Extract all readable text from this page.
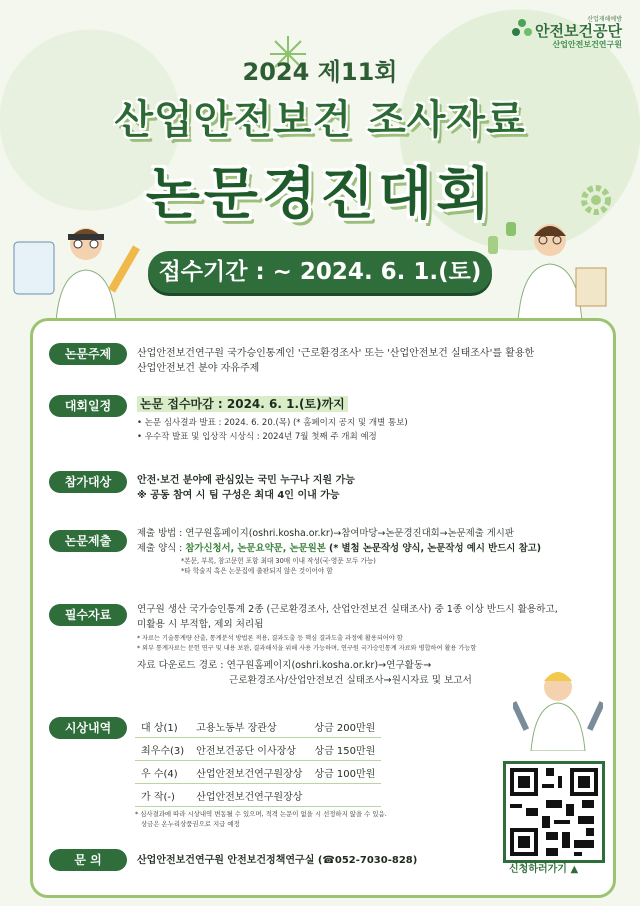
산업재해예방
안전보건공단
산업안전보건연구원
2024 제11회
산업안전보건 조사자료
논문경진대회
접수기간 : ~ 2024. 6. 1.(토)
논문주제	산업안전보건연구원 국가승인통계인 '근로환경조사' 또는 '산업안전보건 실태조사'를 활용한
산업안전보건 분야 자유주제
대회일정	논문 접수마감 : 2024. 6. 1.(토)까지
• 논문 심사결과 발표 : 2024. 6. 20.(목) (* 홈페이지 공지 및 개별 통보)
• 우수작 발표 및 입상작 시상식 : 2024년 7월 첫째 주 개최 예정
참가대상	안전·보건 분야에 관심있는 국민 누구나 지원 가능
※ 공동 참여 시 팀 구성은 최대 4인 이내 가능
논문제출
제출 방법 : 연구원홈페이지(oshri.kosha.or.kr)→참여마당→논문경진대회→논문제출 게시판
제출 양식 : 참가신청서, 논문요약문, 논문원본 (* 별첨 논문작성 양식, 논문작성 예시 반드시 참고)
*본문, 부록, 참고문헌 포함 최대 30매 이내 작성(국·영문 모두 가능)
*타 학술지 혹은 논문집에 출판되지 않은 것이어야 함
필수자료	연구원 생산 국가승인통계 2종 (근로환경조사, 산업안전보건 실태조사) 중 1종 이상 반드시 활용하고,
미활용 시 부적합, 제외 처리됨
* 자료는 기술통계량 산출, 통계분석 방법론 적용, 결과도출 등 핵심 결과도출 과정에 활용되어야 함
* 외부 통계자료는 문헌 연구 및 내용 보완, 결과해석을 위해 사용 가능하며, 연구원 국가승인통계 자료와 병합하여 활용 가능함
자료 다운로드 경로 : 연구원홈페이지(oshri.kosha.or.kr)→연구활동→
근로환경조사/산업안전보건 실태조사→원시자료 및 보고서
시상내역	대 상(1)	고용노동부 장관상	상금 200만원
최우수(3)	안전보건공단 이사장상	상금 150만원
우 수(4)	산업안전보건연구원장상	상금 100만원
가 작(-)	산업안전보건연구원장상	
* 심사결과에 따라 시상내역 변동될 수 있으며, 적격 논문이 없을 시 선정하지 않을 수 있음.
상금은 온누리상품권으로 지급 예정
문 의	산업안전보건연구원 안전보건정책연구실 (☎052-7030-828)
신청하러가기 ▲
